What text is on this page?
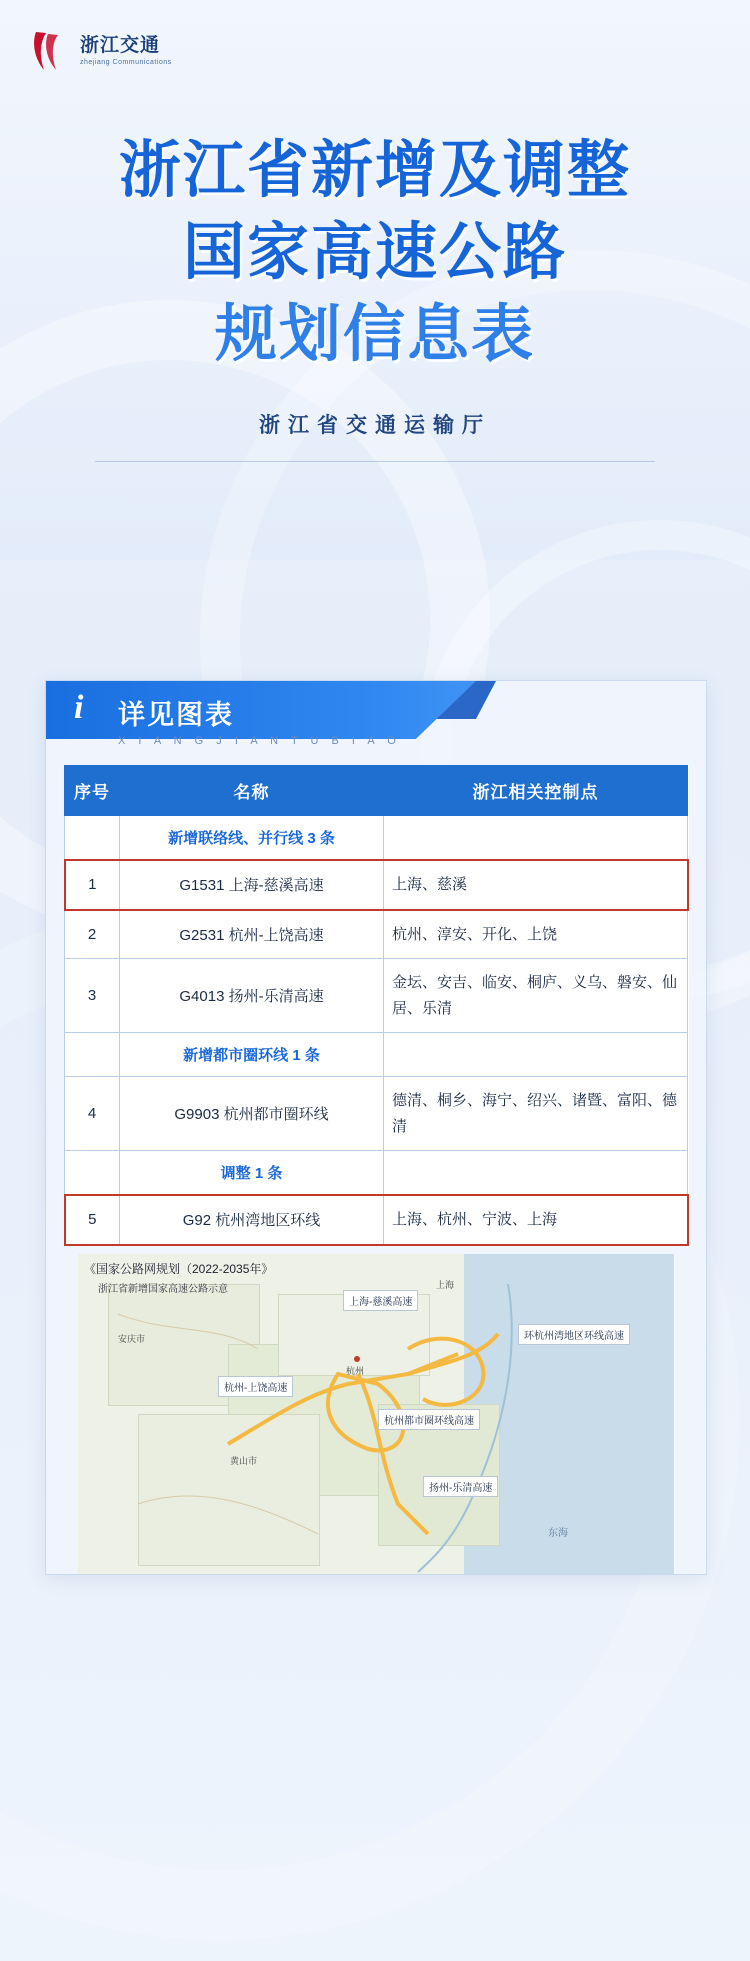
浙江交通
zhejiang Communications
浙江省新增及调整
国家高速公路
规划信息表
浙江省交通运输厅
i 详见图表
X I A N G J I A N T U B I A O
序号	名称	浙江相关控制点
	新增联络线、并行线 3 条	
1	G1531 上海-慈溪高速	上海、慈溪
2	G2531 杭州-上饶高速	杭州、淳安、开化、上饶
3	G4013 扬州-乐清高速	金坛、安吉、临安、桐庐、义乌、磐安、仙居、乐清
	新增都市圈环线 1 条	
4	G9903 杭州都市圈环线	德清、桐乡、海宁、绍兴、诸暨、富阳、德清
	调整 1 条	
5	G92 杭州湾地区环线	上海、杭州、宁波、上海
《国家公路网规划（2022-2035年》
浙江省新增国家高速公路示意
上海-慈溪高速
环杭州湾地区环线高速
杭州-上饶高速
杭州都市圈环线高速
扬州-乐清高速
杭州
上海
安庆市
黄山市
东海
